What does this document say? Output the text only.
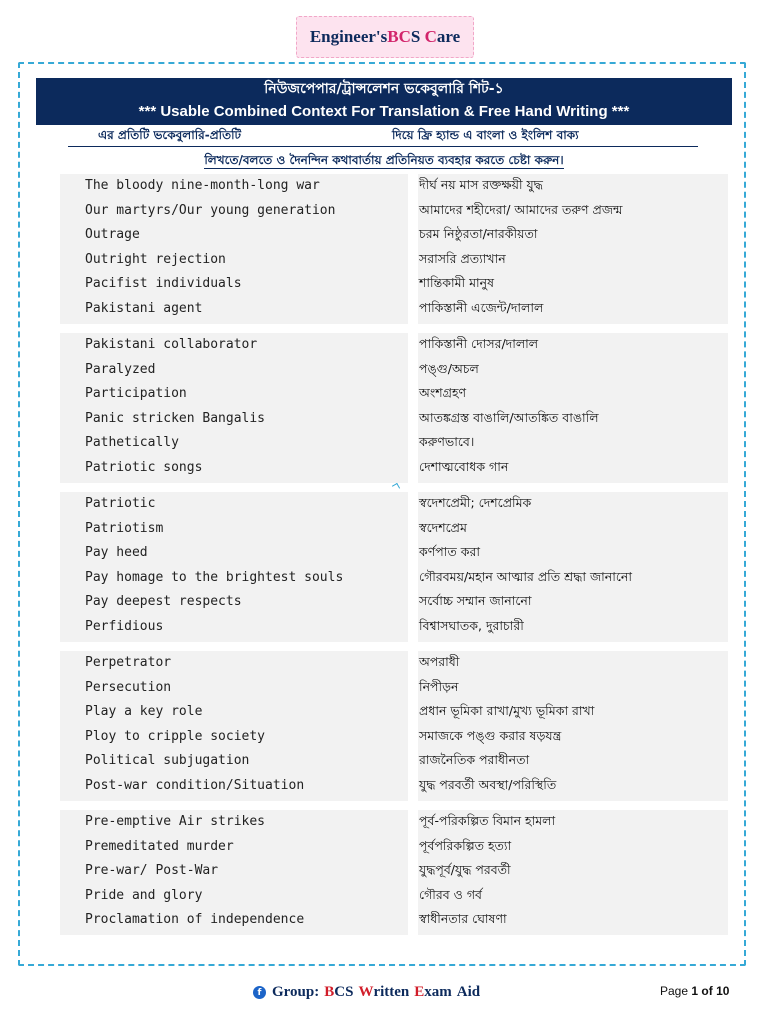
Engineer's B C S
C are
নিউজপেপার/ট্রান্সলেশন ভকেবুলারি শিট-১
*** Usable Combined Context For Translation & Free Hand Writing ***
এর প্রতিটি ভকেবুলারি-প্রতিটি	দিয়ে ফ্রি হ্যান্ড এ বাংলা ও ইংলিশ বাক্য
লিখতে/বলতে ও দৈনন্দিন কথাবার্তায় প্রতিনিয়ত ব্যবহার করতে চেষ্টা করুন।
The bloody nine-month-long war	দীর্ঘ নয় মাস রক্তক্ষয়ী যুদ্ধ
Our martyrs/Our young generation	আমাদের শহীদেরা/ আমাদের তরুণ প্রজন্ম
Outrage	চরম নিষ্ঠুরতা/নারকীয়তা
Outright rejection	সরাসরি প্রত্যাখান
Pacifist individuals	শান্তিকামী মানুষ
Pakistani agent	পাকিস্তানী এজেন্ট/দালাল
Pakistani collaborator	পাকিস্তানী দোসর/দালাল
Paralyzed	পঙ্গু/অচল
Participation	অংশগ্রহণ
Panic stricken Bangalis	আতঙ্কগ্রস্ত বাঙালি/আতঙ্কিত বাঙালি
Pathetically	করুণভাবে।
Patriotic songs	দেশাত্মবোধক গান
Patriotic	স্বদেশপ্রেমী; দেশপ্রেমিক
Patriotism	স্বদেশপ্রেম
Pay heed	কর্ণপাত করা
Pay homage to the brightest souls	গৌরবময়/মহান আত্মার প্রতি শ্রদ্ধা জানানো
Pay deepest respects	সর্বোচ্চ সম্মান জানানো
Perfidious	বিশ্বাসঘাতক, দুরাচারী
Perpetrator	অপরাধী
Persecution	নিপীড়ন
Play a key role	প্রধান ভূমিকা রাখা/মুখ্য ভূমিকা রাখা
Ploy to cripple society	সমাজকে পঙ্গু করার ষড়যন্ত্র
Political subjugation	রাজনৈতিক পরাধীনতা
Post-war condition/Situation	যুদ্ধ পরবর্তী অবস্থা/পরিস্থিতি
Pre-emptive Air strikes	পূর্ব-পরিকল্পিত বিমান হামলা
Premeditated murder	পূর্বপরিকল্পিত হত্যা
Pre-war/ Post-War	যুদ্ধপূর্ব/যুদ্ধ পরবর্তী
Pride and glory	গৌরব ও গর্ব
Proclamation of independence	স্বাধীনতার ঘোষণা
f Group: B CS W ritten E xam Aid	Page 1 of 10
